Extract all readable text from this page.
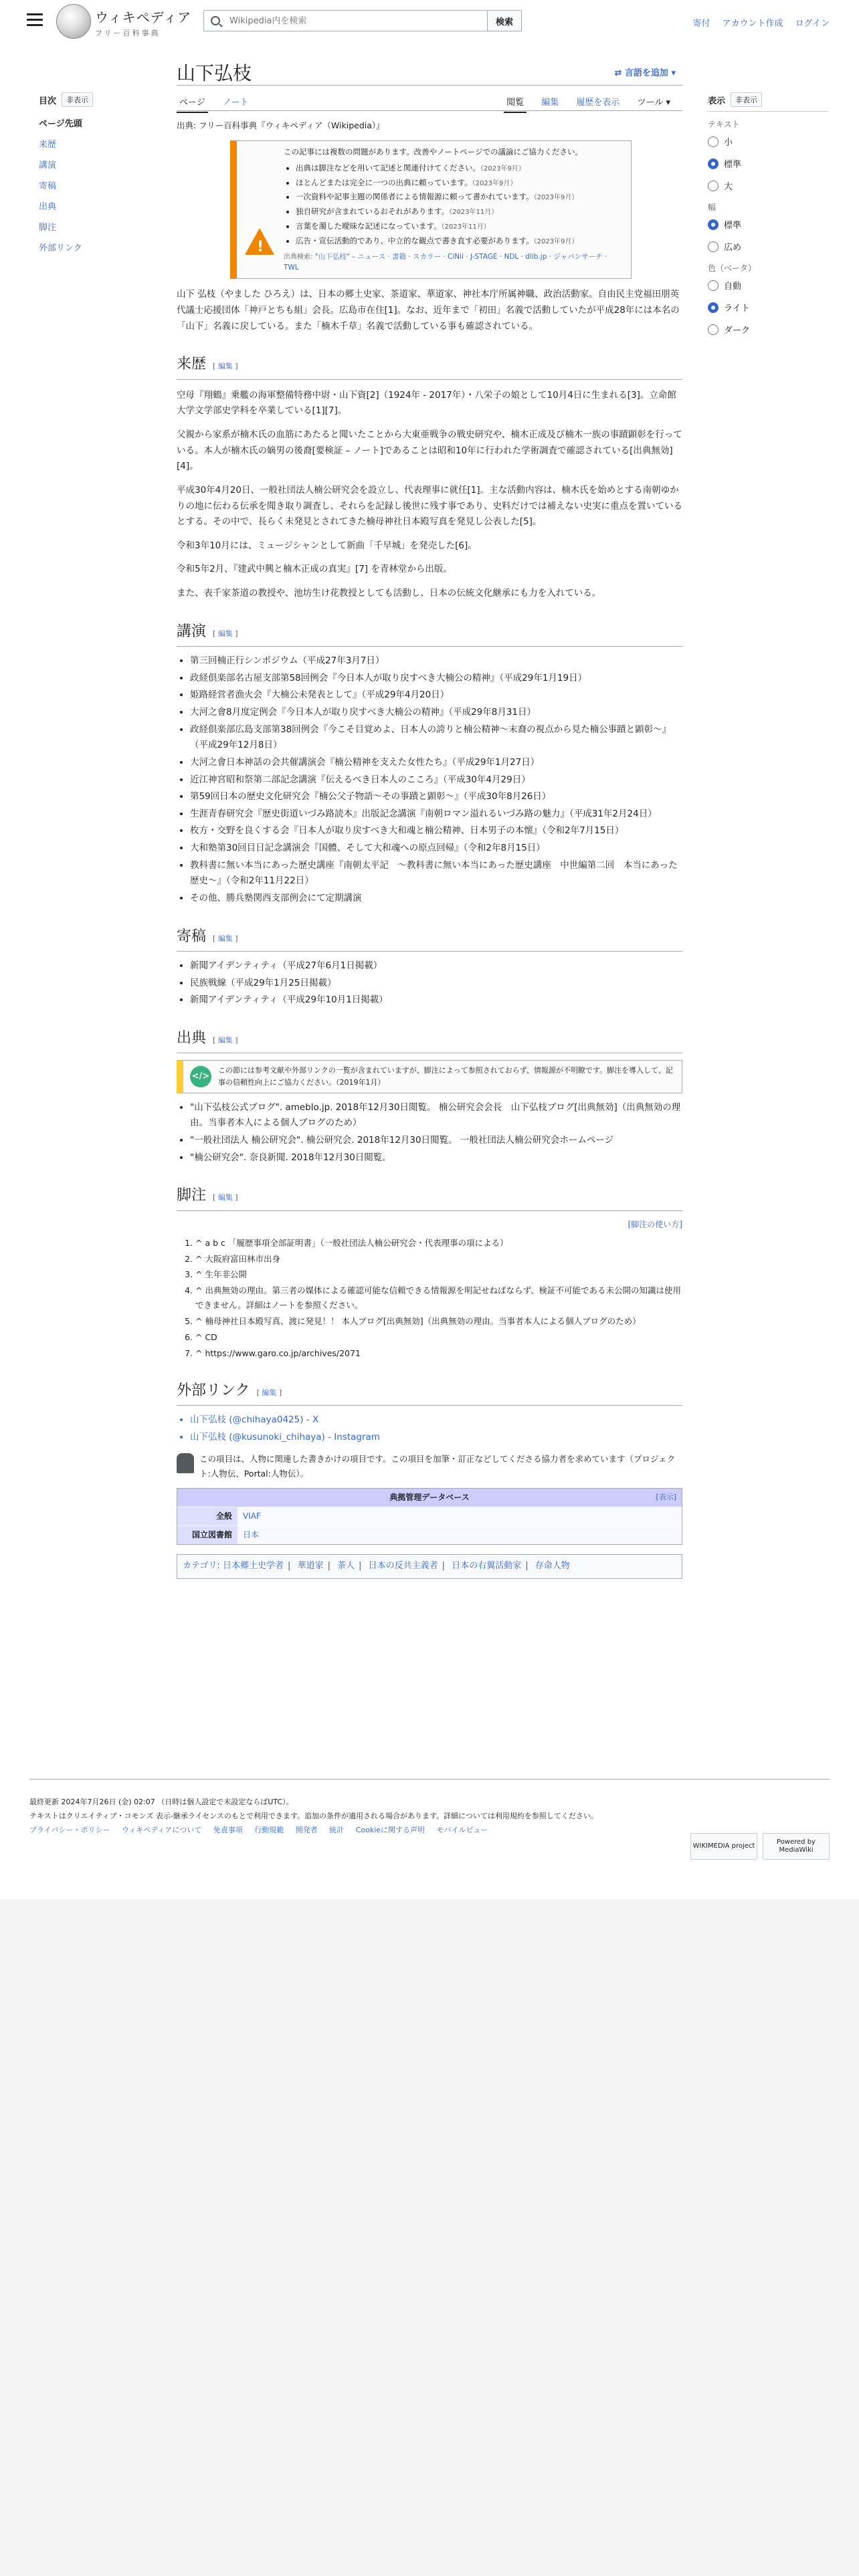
ウィキペディア
フリー百科事典
Wikipedia内を検索
検索	寄付 アカウント作成 ログイン
目次	非表示
ページ先頭
来歴
講演
寄稿
出典
脚注
外部リンク
山下弘枝	⇄ 言語を追加 ▾
ページ ノート	閲覧 編集 履歴を表示 ツール ▾
出典: フリー百科事典『ウィキペディア（Wikipedia）』
!
この記事には複数の問題があります。改善やノートページでの議論にご協力ください。
• 出典は脚注などを用いて記述と関連付けてください。（2023年9月）
• ほとんどまたは完全に一つの出典に頼っています。（2023年9月）
• 一次資料や記事主題の関係者による情報源に頼って書かれています。（2023年9月）
• 独自研究が含まれているおそれがあります。（2023年11月）
• 言葉を濁した曖昧な記述になっています。（2023年11月）
• 広告・宣伝活動的であり、中立的な観点で書き直す必要があります。（2023年9月）
出典検索: "山下弘枝" – ニュース · 書籍 · スカラー · CiNii · J-STAGE · NDL · dlib.jp · ジャパンサーチ · TWL

山下 弘枝（やました ひろえ）は、日本の郷土史家、茶道家、華道家、神社本庁所属神職、政治活動家。自由民主党福田朋英代議士応援団体「神戸とちも組」会長。広島市在住[1]。なお、近年まで「初田」名義で活動していたが平成28年には本名の「山下」名義に戻している。また「楠木千草」名義で活動している事も確認されている。

来歴 [ 編集 ]

空母『翔鶴』乗艦の海軍整備特務中尉・山下資[2]（1924年 - 2017年）・八栄子の娘として10月4日に生まれる[3]。立命館大学文学部史学科を卒業している[1][7]。

父親から家系が楠木氏の血筋にあたると聞いたことから大東亜戦争の戦史研究や、楠木正成及び楠木一族の事蹟顕彰を行っている。本人が楠木氏の嫡男の後裔[要検証 – ノート]であることは昭和10年に行われた学術調査で確認されている[出典無効][4]。

平成30年4月20日、一般社団法人楠公研究会を設立し、代表理事に就任[1]。主な活動内容は、楠木氏を始めとする南朝ゆかりの地に伝わる伝承を聞き取り調査し、それらを記録し後世に残す事であり、史料だけでは補えない史実に重点を置いているとする。その中で、長らく未発見とされてきた楠母神社日本殿写真を発見し公表した[5]。

令和3年10月には、ミュージシャンとして新曲「千早城」を発売した[6]。

令和5年2月、『建武中興と楠木正成の真実』[7] を青林堂から出版。

また、表千家茶道の教授や、池坊生け花教授としても活動し、日本の伝統文化継承にも力を入れている。

講演 [ 編集 ]
• 第三回楠正行シンポジウム（平成27年3月7日）
• 政経倶楽部名古屋支部第58回例会『今日本人が取り戻すべき大楠公の精神』（平成29年1月19日）
• 姫路経営者漁火会『大楠公未発表として』（平成29年4月20日）
• 大河之會8月度定例会『今日本人が取り戻すべき大楠公の精神』（平成29年8月31日）
• 政経倶楽部広島支部第38回例会『今こそ目覚めよ、日本人の誇りと楠公精神〜末裔の視点から見た楠公事蹟と顕彰〜』（平成29年12月8日）
• 大河之會日本神話の会共催講演会『楠公精神を支えた女性たち』（平成29年1月27日）
• 近江神宮昭和祭第二部記念講演『伝えるべき日本人のこころ』（平成30年4月29日）
• 第59回日本の歴史文化研究会『楠公父子物語〜その事蹟と顕彰〜』（平成30年8月26日）
• 生涯青春研究会『歴史街道いづみ路読本』出版記念講演『南朝ロマン溢れるいづみ路の魅力』（平成31年2月24日）
• 枚方・交野を良くする会『日本人が取り戻すべき大和魂と楠公精神、日本男子の本懐』（令和2年7月15日）
• 大和塾第30回目日記念講演会『国體、そして大和魂への原点回帰』（令和2年8月15日）
• 教科書に無い本当にあった歴史講座『南朝太平記　〜教科書に無い本当にあった歴史講座　中世編第二回　本当にあった歴史〜』（令和2年11月22日）
• その他、勝兵塾関西支部例会にて定期講演
寄稿 [ 編集 ]
• 新聞アイデンティティ（平成27年6月1日掲載）
• 民族戦線（平成29年1月25日掲載）
• 新聞アイデンティティ（平成29年10月1日掲載）
出典 [ 編集 ]
</>
この節には参考文献や外部リンクの一覧が含まれていますが、脚注によって参照されておらず、情報源が不明瞭です。脚注を導入して、記事の信頼性向上にご協力ください。（2019年1月）
• "山下弘枝公式ブログ". ameblo.jp. 2018年12月30日閲覧。 楠公研究会会長　山下弘枝ブログ[出典無効]（出典無効の理由。当事者本人による個人ブログのため）
• "一般社団法人 楠公研究会". 楠公研究会. 2018年12月30日閲覧。 一般社団法人楠公研究会ホームページ
• "楠公研究会". 奈良新聞. 2018年12月30日閲覧。
脚注 [ 編集 ]
[脚注の使い方]
1. ^ a b c 「履歴事項全部証明書」（一般社団法人楠公研究会・代表理事の項による）
2. ^ 大阪府富田林市出身
3. ^ 生年非公開
4. ^ 出典無効の理由。第三者の媒体による確認可能な信頼できる情報源を明記せねばならず、検証不可能である未公開の知識は使用できません。詳細はノートを参照ください。
5. ^ 楠母神社日本殿写真、渡に発見！！ 本人ブログ[出典無効]（出典無効の理由。当事者本人による個人ブログのため）
6. ^ CD
7. ^ https://www.garo.co.jp/archives/2071
外部リンク [ 編集 ]
• 山下弘枝 (@chihaya0425) - X
• 山下弘枝 (@kusunoki_chihaya) - Instagram
この項目は、人物に関連した書きかけの項目です。この項目を加筆・訂正などしてくださる協力者を求めています（プロジェクト:人物伝、Portal:人物伝）。
典拠管理データベース	[表示]
全般	VIAF
国立図書館	日本
カテゴリ: 日本郷土史学者 | 華道家 | 茶人 | 日本の反共主義者 | 日本の右翼活動家 | 存命人物
表示	非表示
テキスト
小
標準
大
幅
標準
広め
色（ベータ）
自動
ライト
ダーク
最終更新 2024年7月26日 (金) 02:07 （日時は個人設定で未設定ならばUTC）。
テキストはクリエイティブ・コモンズ 表示-継承ライセンスのもとで利用できます。追加の条件が適用される場合があります。詳細については利用規約を参照してください。
プライバシー・ポリシー ウィキペディアについて 免責事項 行動規範 開発者 統計 Cookieに関する声明 モバイルビュー
WIKIMEDIA project
Powered by MediaWiki
